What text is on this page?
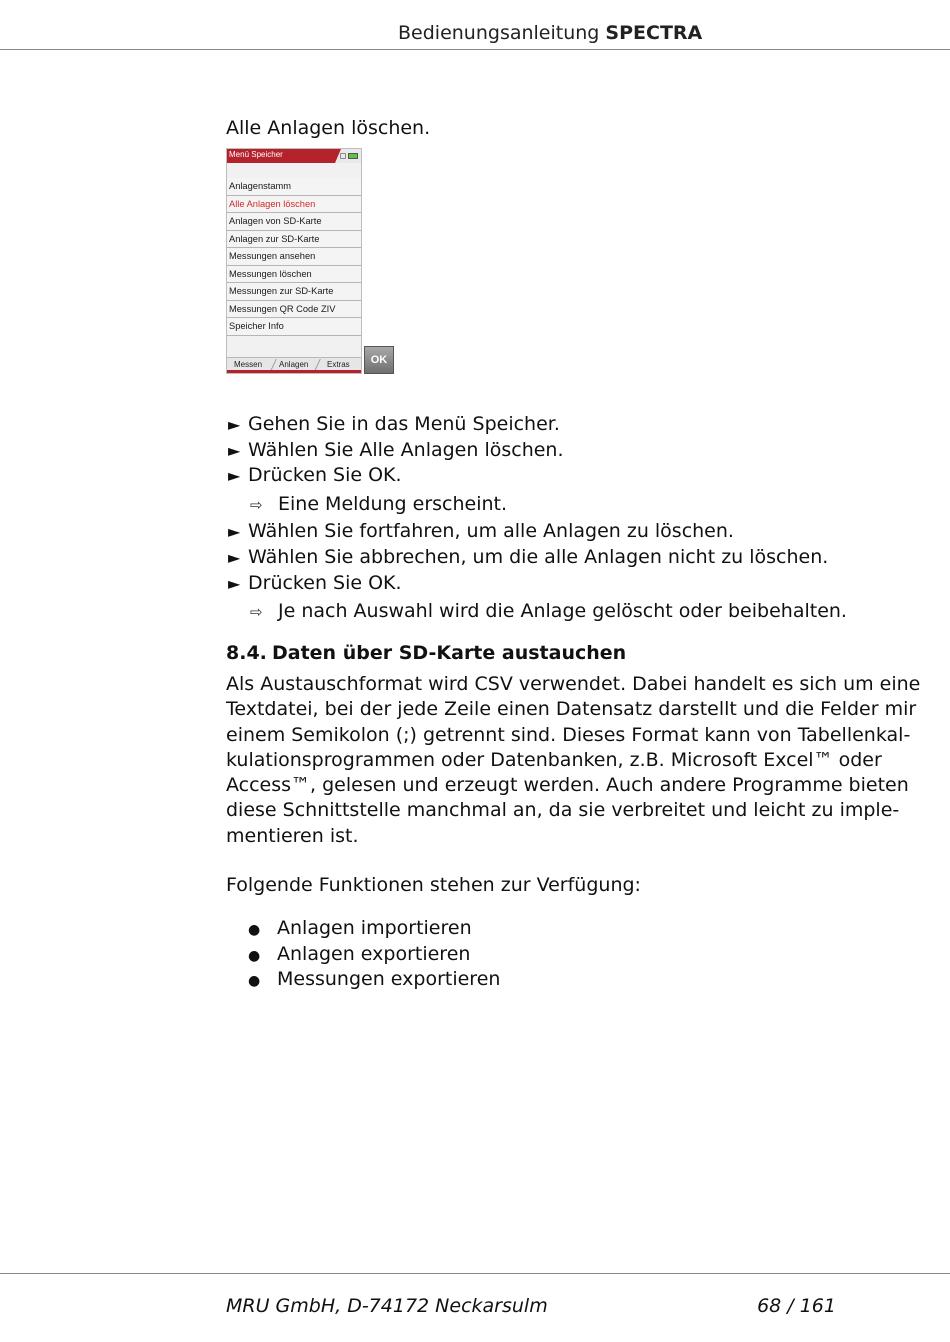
Bedienungsanleitung SPECTRA
Alle Anlagen löschen.
Menü Speicher
Anlagenstamm
Alle Anlagen löschen
Anlagen von SD-Karte
Anlagen zur SD-Karte
Messungen ansehen
Messungen löschen
Messungen zur SD-Karte
Messungen QR Code ZIV
Speicher Info
Messen Anlagen Extras	OK
► Gehen Sie in das Menü Speicher.
► Wählen Sie Alle Anlagen löschen.
► Drücken Sie OK.
⇨ Eine Meldung erscheint.
► Wählen Sie fortfahren, um alle Anlagen zu löschen.
► Wählen Sie abbrechen, um die alle Anlagen nicht zu löschen.
► Drücken Sie OK.
⇨ Je nach Auswahl wird die Anlage gelöscht oder beibehalten.
8.4. Daten über SD-Karte austauchen
Als Austauschformat wird CSV verwendet. Dabei handelt es sich um eine
Textdatei, bei der jede Zeile einen Datensatz darstellt und die Felder mir
einem Semikolon (;) getrennt sind. Dieses Format kann von Tabellenkal-
kulationsprogrammen oder Datenbanken, z.B. Microsoft Excel™ oder
Access™, gelesen und erzeugt werden. Auch andere Programme bieten
diese Schnittstelle manchmal an, da sie verbreitet und leicht zu imple-
mentieren ist.
Folgende Funktionen stehen zur Verfügung:
● Anlagen importieren
● Anlagen exportieren
● Messungen exportieren
MRU GmbH, D-74172 Neckarsulm	68 / 161
